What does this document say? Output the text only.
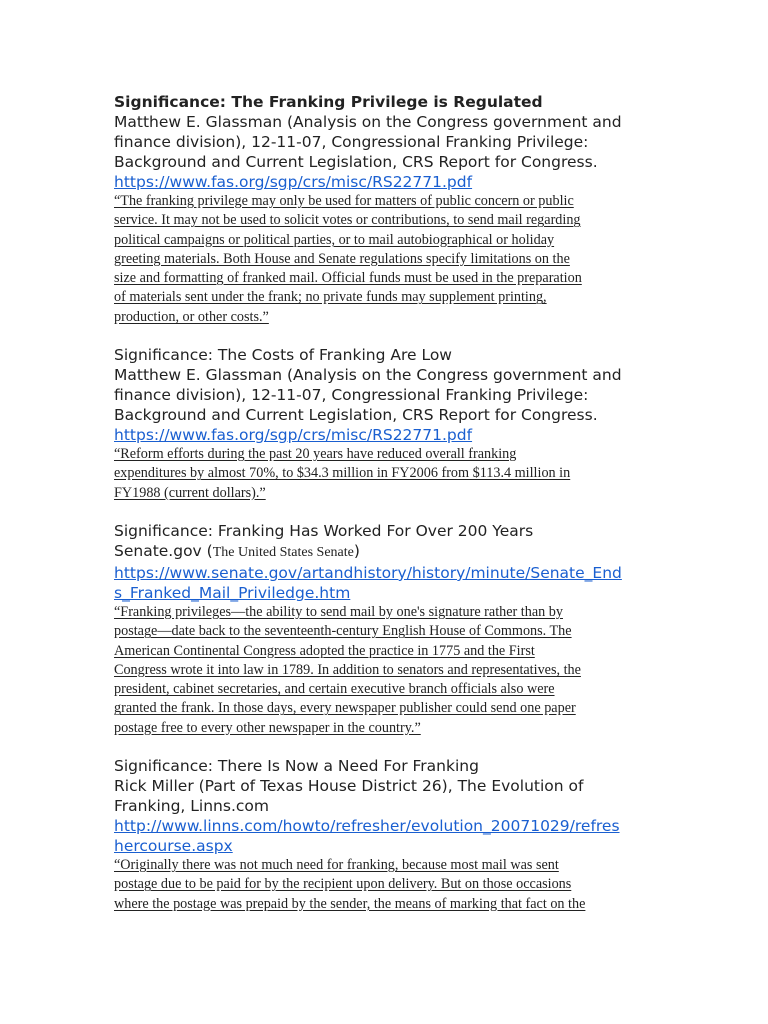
Significance: The Franking Privilege is Regulated
Matthew E. Glassman (Analysis on the Congress government and
finance division), 12-11-07, Congressional Franking Privilege:
Background and Current Legislation, CRS Report for Congress.
https://www.fas.org/sgp/crs/misc/RS22771.pdf
“The franking privilege may only be used for matters of public concern or public
service. It may not be used to solicit votes or contributions, to send mail regarding
political campaigns or political parties, or to mail autobiographical or holiday
greeting materials. Both House and Senate regulations specify limitations on the
size and formatting of franked mail. Official funds must be used in the preparation
of materials sent under the frank; no private funds may supplement printing,
production, or other costs.”
Significance: The Costs of Franking Are Low
Matthew E. Glassman (Analysis on the Congress government and
finance division), 12-11-07, Congressional Franking Privilege:
Background and Current Legislation, CRS Report for Congress.
https://www.fas.org/sgp/crs/misc/RS22771.pdf
“Reform efforts during the past 20 years have reduced overall franking
expenditures by almost 70%, to $34.3 million in FY2006 from $113.4 million in
FY1988 (current dollars).”
Significance: Franking Has Worked For Over 200 Years
Senate.gov (The United States Senate)
https://www.senate.gov/artandhistory/history/minute/Senate_End
s_Franked_Mail_Priviledge.htm
“Franking privileges—the ability to send mail by one's signature rather than by
postage—date back to the seventeenth-century English House of Commons. The
American Continental Congress adopted the practice in 1775 and the First
Congress wrote it into law in 1789. In addition to senators and representatives, the
president, cabinet secretaries, and certain executive branch officials also were
granted the frank. In those days, every newspaper publisher could send one paper
postage free to every other newspaper in the country.”
Significance: There Is Now a Need For Franking
Rick Miller (Part of Texas House District 26), The Evolution of
Franking, Linns.com
http://www.linns.com/howto/refresher/evolution_20071029/refres
hercourse.aspx
“Originally there was not much need for franking, because most mail was sent
postage due to be paid for by the recipient upon delivery. But on those occasions
where the postage was prepaid by the sender, the means of marking that fact on the
